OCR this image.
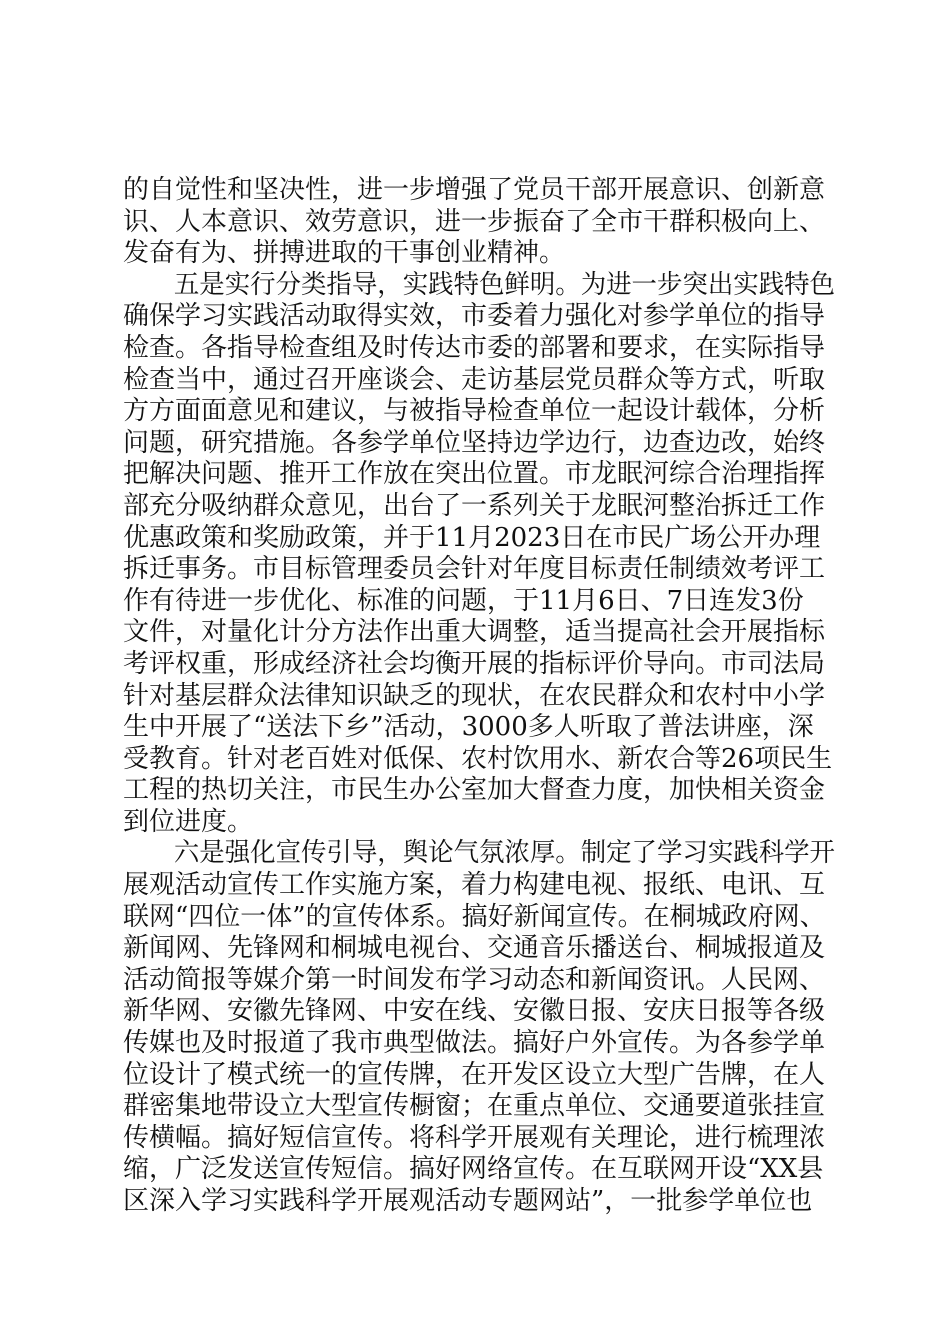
的自觉性和坚决性，进一步增强了党员干部开展意识、创新意
识、人本意识、效劳意识，进一步振奋了全市干群积极向上、
发奋有为、拼搏进取的干事创业精神。
　　五是实行分类指导，实践特色鲜明。为进一步突出实践特色
确保学习实践活动取得实效，市委着力强化对参学单位的指导
检查。各指导检查组及时传达市委的部署和要求，在实际指导
检查当中，通过召开座谈会、走访基层党员群众等方式，听取
方方面面意见和建议，与被指导检查单位一起设计载体，分析
问题，研究措施。各参学单位坚持边学边行，边查边改，始终
把解决问题、推开工作放在突出位置。市龙眠河综合治理指挥
部充分吸纳群众意见，出台了一系列关于龙眠河整治拆迁工作
优惠政策和奖励政策，并于11月2023日在市民广场公开办理
拆迁事务。市目标管理委员会针对年度目标责任制绩效考评工
作有待进一步优化、标准的问题，于11月6日、7日连发3份
文件，对量化计分方法作出重大调整，适当提高社会开展指标
考评权重，形成经济社会均衡开展的指标评价导向。市司法局
针对基层群众法律知识缺乏的现状，在农民群众和农村中小学
生中开展了“送法下乡”活动，3000多人听取了普法讲座，深
受教育。针对老百姓对低保、农村饮用水、新农合等26项民生
工程的热切关注，市民生办公室加大督查力度，加快相关资金
到位进度。
　　六是强化宣传引导，舆论气氛浓厚。制定了学习实践科学开
展观活动宣传工作实施方案，着力构建电视、报纸、电讯、互
联网“四位一体”的宣传体系。搞好新闻宣传。在桐城政府网、
新闻网、先锋网和桐城电视台、交通音乐播送台、桐城报道及
活动简报等媒介第一时间发布学习动态和新闻资讯。人民网、
新华网、安徽先锋网、中安在线、安徽日报、安庆日报等各级
传媒也及时报道了我市典型做法。搞好户外宣传。为各参学单
位设计了模式统一的宣传牌，在开发区设立大型广告牌，在人
群密集地带设立大型宣传橱窗；在重点单位、交通要道张挂宣
传横幅。搞好短信宣传。将科学开展观有关理论，进行梳理浓
缩，广泛发送宣传短信。搞好网络宣传。在互联网开设“XX县
区深入学习实践科学开展观活动专题网站”，一批参学单位也
